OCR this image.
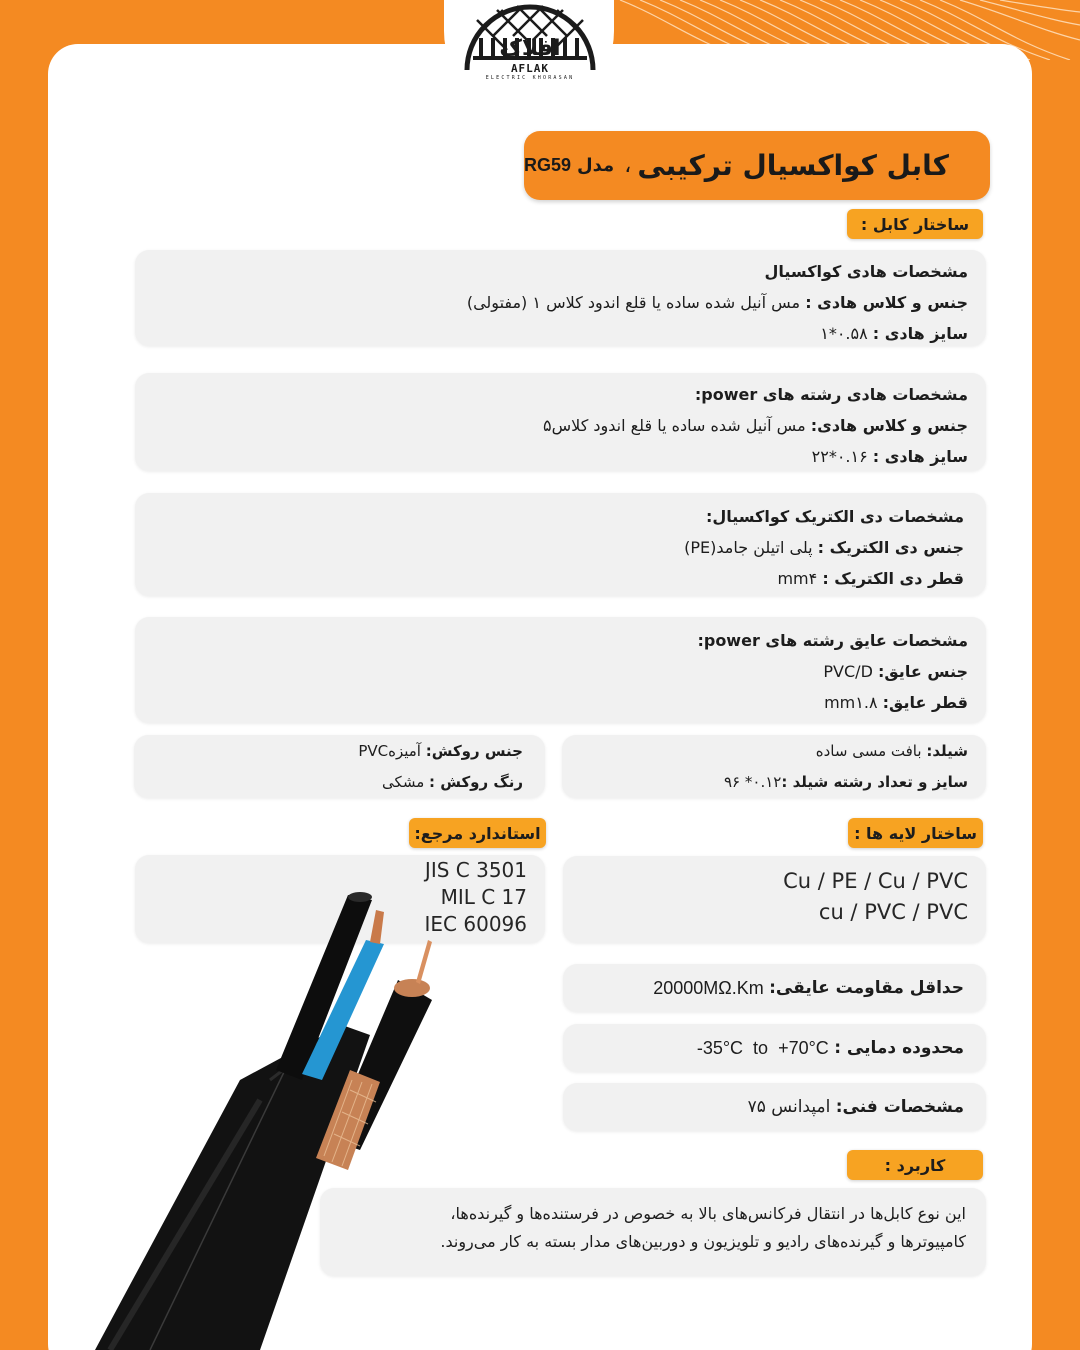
افلاک
AFLAK
ELECTRIC KHORASAN
کابل کواکسیال ترکیبی
،
مدل
RG59
ساختار کابل :
مشخصات هادی کواکسیال
جنس و کلاس هادی : مس آنیل شده ساده یا قلع اندود کلاس ۱ (مفتولی)
سایز هادی : ۰.۵۸*۱
مشخصات هادی رشته های power:
جنس و کلاس هادی: مس آنیل شده ساده یا قلع اندود کلاس۵
سایز هادی : ۰.۱۶*۲۲
مشخصات دی الکتریک کواکسیال:
جنس دی الکتریک : پلی اتیلن جامد(PE)
قطر دی الکتریک : mm۴
مشخصات عایق رشته های power:
جنس عایق: PVC/D
قطر عایق: mm۱.۸
جنس روکش: آمیزهPVC
رنگ روکش : مشکی
شیلد: بافت مسی ساده
سایز و تعداد رشته شیلد :۰.۱۲* ۹۶
استاندارد مرجع:
JIS C 3501
MIL C 17
IEC 60096
ساختار لایه ها :
Cu / PE / Cu / PVC
cu / PVC / PVC
حداقل مقاومت عایقی:

20000MΩ.Km
محدوده دمایی :

-35°C  to  +70°C
مشخصات فنی:

امپدانس ۷۵
کاربرد :
این نوع کابل‌ها در انتقال فرکانس‌های بالا به خصوص در فرستنده‌ها و گیرنده‌ها،
کامپیوترها و گیرنده‌های رادیو و تلویزیون و دوربین‌های مدار بسته به کار می‌روند.
